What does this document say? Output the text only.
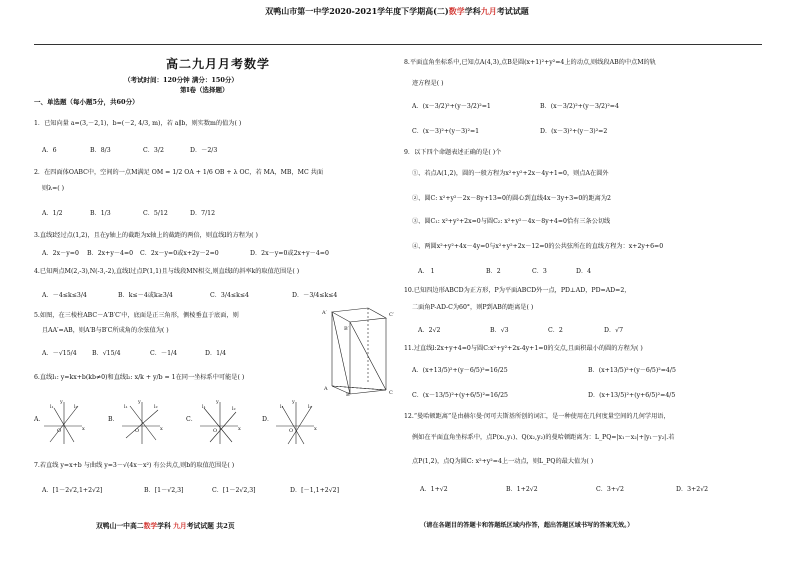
双鸭山市第一中学2020-2021学年度下学期高(二)数学学科九月考试试题
高二九月月考数学
（考试时间：120分钟 满分：150分）
第Ⅰ卷（选择题）
一、单选题（每小题5分，共60分）
1．已知向量 a=(3,－2,1)，b=(－2, 4/3, m)，若 a∥b，则实数m的值为( )
A．6	B．8/3	C．3/2	D．－2/3
2．在四面体OABC中，空间的一点M满足 OM = 1/2 OA + 1/6 OB + λ OC，若 MA，MB，MC 共面
则λ=( )
A．1/2	B．1/3	C．5/12	D．7/12
3.直线l经过点(1,2)，且在y轴上的截距为x轴上的截距的两倍，则直线l的方程为( )
A．2x－y=0 B．2x+y－4=0 C．2x－y=0或x+2y－2=0	D．2x－y=0或2x+y－4=0
4.已知两点M(2,-3),N(-3,-2),直线l过点P(1,1)且与线段MN相交,则直线l的斜率k的取值范围是( )
A．－4≤k≤3/4	B．k≤－4或k≥3/4	C．3/4≤k≤4	D．－3/4≤k≤4
5.如图，在三棱柱ABC－A′B′C′中，底面是正三角形，侧棱垂直于底面，则
且AA′=AB，则A′B与B′C所成角的余弦值为( )
A．－√15/4 B．√15/4	C．－1/4	D．1/4
A′
B′
C′
A
B	C
6.直线l₁: y=kx+b(kb≠0)和直线l₂: x/k + y/b = 1在同一坐标系中可能是( )
y
x
O
l₁	l₂
y
x
O
l₁	l₂
y
x
O
l₁	l₂
y
x
O
l₁	l₂
A．	B．	C．	D．
7.若直线 y=x+b 与曲线 y=3－√(4x－x²) 有公共点,则b的取值范围是( )
A．[1－2√2,1+2√2]	B．[1－√2,3]	C．[1－2√2,3]	D．[－1,1+2√2]
8.平面直角坐标系中,已知点A(4,3),点B是圆(x+1)²+y²=4上的动点,则线段AB的中点M的轨
迹方程是( )
A．(x－3/2)²+(y－3/2)²=1	B．(x－3/2)²+(y－3/2)²=4
C．(x－3)²+(y－3)²=1	D．(x－3)²+(y－3)²=2
9．以下四个命题表述正确的是( )个
①、若点A(1,2)，圆的一般方程为x²+y²+2x－4y+1=0，则点A在圆外
②、圆C: x²+y²－2x－8y+13=0的圆心到直线4x－3y+3=0的距离为2
③、圆C₁: x²+y²+2x=0与圆C₂: x²+y²－4x－8y+4=0恰有三条公切线
④、两圆x²+y²+4x－4y=0与x²+y²+2x－12=0的公共弦所在的直线方程为：x+2y+6=0
A． 1	B．2	C．3	D．4
10.已知四边形ABCD为正方形，P为平面ABCD外一点，PD⊥AD，PD=AD=2，
二面角P-AD-C为60°，则P到AB的距离是( )
A．2√2	B．√3	C．2	D．√7
11.过直线l:2x+y+4=0与圆C:x²+y²+2x-4y+1=0的交点,且面积最小的圆的方程为( )
A．(x+13/5)²+(y－6/5)²=16/25	B．(x+13/5)²+(y－6/5)²=4/5
C．(x－13/5)²+(y+6/5)²=16/25	D．(x+13/5)²+(y+6/5)²=4/5
12.“曼哈顿距离”是由赫尔曼·闵可夫斯基所创的词汇，是一种使用在几何度量空间的几何学用语，
例如在平面直角坐标系中，点P(x₁,y₁)、Q(x₂,y₂)的曼哈顿距离为：L_PQ=|x₁－x₂|+|y₁－y₂|.若
点P(1,2)，点Q为圆C: x²+y²=4上一动点，则L_PQ的最大值为( )
A．1+√2	B．1+2√2	C．3+√2	D．3+2√2
双鸭山一中高二数学学科 九月考试试题 共2页	（请在各题目的答题卡和答题纸区域内作答，超出答题区域书写的答案无效。）
